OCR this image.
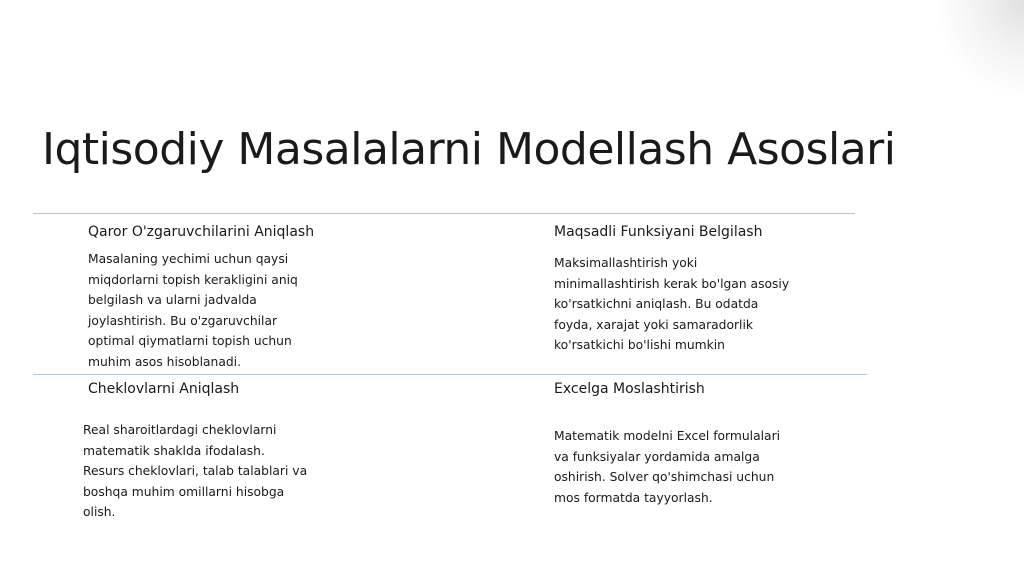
Iqtisodiy Masalalarni Modellash Asoslari
Qaror O'zgaruvchilarini Aniqlash

Masalaning yechimi uchun qaysi
miqdorlarni topish kerakligini aniq
belgilash va ularni jadvalda
joylashtirish. Bu o'zgaruvchilar
optimal qiymatlarni topish uchun
muhim asos hisoblanadi.

Maqsadli Funksiyani Belgilash

Maksimallashtirish yoki
minimallashtirish kerak bo'lgan asosiy
ko'rsatkichni aniqlash. Bu odatda
foyda, xarajat yoki samaradorlik
ko'rsatkichi bo'lishi mumkin

Cheklovlarni Aniqlash

Real sharoitlardagi cheklovlarni
matematik shaklda ifodalash.
Resurs cheklovlari, talab talablari va
boshqa muhim omillarni hisobga
olish.

Excelga Moslashtirish

Matematik modelni Excel formulalari
va funksiyalar yordamida amalga
oshirish. Solver qo'shimchasi uchun
mos formatda tayyorlash.
